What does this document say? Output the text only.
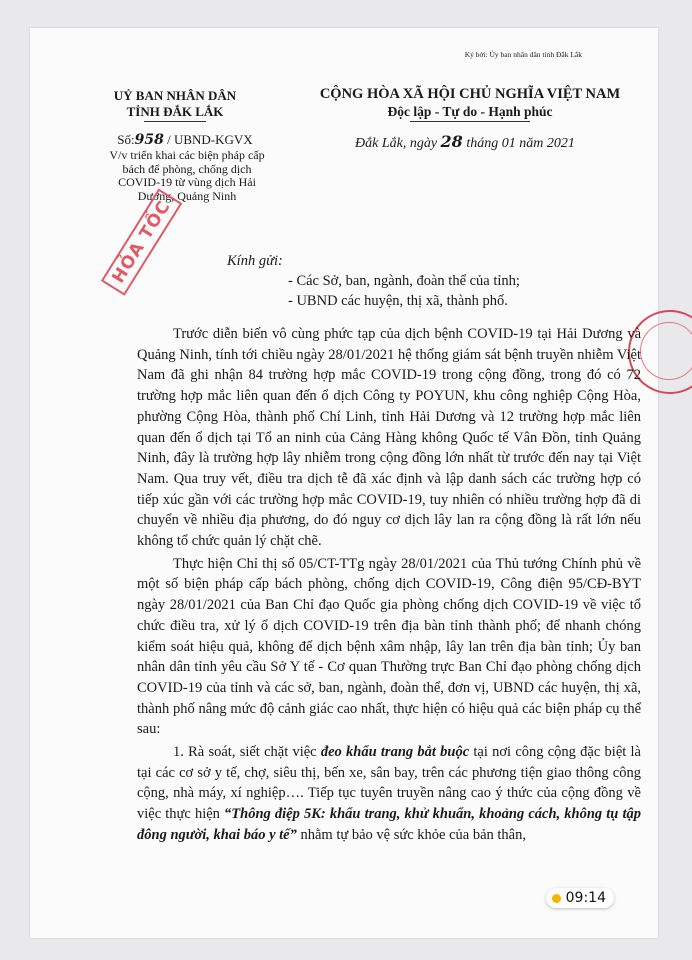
Ký bởi: Ủy ban nhân dân tỉnh Đắk Lắk
UỶ BAN NHÂN DÂN
TỈNH ĐẮK LẮK
CỘNG HÒA XÃ HỘI CHỦ NGHĨA VIỆT NAM
Độc lập - Tự do - Hạnh phúc
Số:958 / UBND-KGVX
V/v triển khai các biện pháp cấp bách để phòng, chống dịch COVID-19 từ vùng dịch Hải Dương, Quảng Ninh
Đắk Lắk, ngày 28 tháng 01 năm 2021
HỎA TỐC	Kính gửi:
- Các Sở, ban, ngành, đoàn thể của tỉnh;
- UBND các huyện, thị xã, thành phố.

Trước diễn biến vô cùng phức tạp của dịch bệnh COVID-19 tại Hải Dương và Quảng Ninh, tính tới chiều ngày 28/01/2021 hệ thống giám sát bệnh truyền nhiễm Việt Nam đã ghi nhận 84 trường hợp mắc COVID-19 trong cộng đồng, trong đó có 72 trường hợp mắc liên quan đến ổ dịch Công ty POYUN, khu công nghiệp Cộng Hòa, phường Cộng Hòa, thành phố Chí Linh, tỉnh Hải Dương và 12 trường hợp mắc liên quan đến ổ dịch tại Tổ an ninh của Cảng Hàng không Quốc tế Vân Đồn, tỉnh Quảng Ninh, đây là trường hợp lây nhiễm trong cộng đồng lớn nhất từ trước đến nay tại Việt Nam. Qua truy vết, điều tra dịch tễ đã xác định và lập danh sách các trường hợp có tiếp xúc gần với các trường hợp mắc COVID-19, tuy nhiên có nhiều trường hợp đã di chuyển về nhiều địa phương, do đó nguy cơ dịch lây lan ra cộng đồng là rất lớn nếu không tổ chức quản lý chặt chẽ.

Thực hiện Chỉ thị số 05/CT-TTg ngày 28/01/2021 của Thủ tướng Chính phủ về một số biện pháp cấp bách phòng, chống dịch COVID-19, Công điện 95/CĐ-BYT ngày 28/01/2021 của Ban Chỉ đạo Quốc gia phòng chống dịch COVID-19 về việc tổ chức điều tra, xử lý ổ dịch COVID-19 trên địa bàn tỉnh thành phố; để nhanh chóng kiểm soát hiệu quả, không để dịch bệnh xâm nhập, lây lan trên địa bàn tỉnh; Ủy ban nhân dân tỉnh yêu cầu Sở Y tế - Cơ quan Thường trực Ban Chỉ đạo phòng chống dịch COVID-19 của tỉnh và các sở, ban, ngành, đoàn thể, đơn vị, UBND các huyện, thị xã, thành phố nâng mức độ cảnh giác cao nhất, thực hiện có hiệu quả các biện pháp cụ thể sau:

1. Rà soát, siết chặt việc đeo khẩu trang bắt buộc tại nơi công cộng đặc biệt là tại các cơ sở y tế, chợ, siêu thị, bến xe, sân bay, trên các phương tiện giao thông công cộng, nhà máy, xí nghiệp…. Tiếp tục tuyên truyền nâng cao ý thức của cộng đồng về việc thực hiện “Thông điệp 5K: khẩu trang, khử khuẩn, khoảng cách, không tụ tập đông người, khai báo y tế” nhằm tự bảo vệ sức khỏe của bản thân,

09:14
